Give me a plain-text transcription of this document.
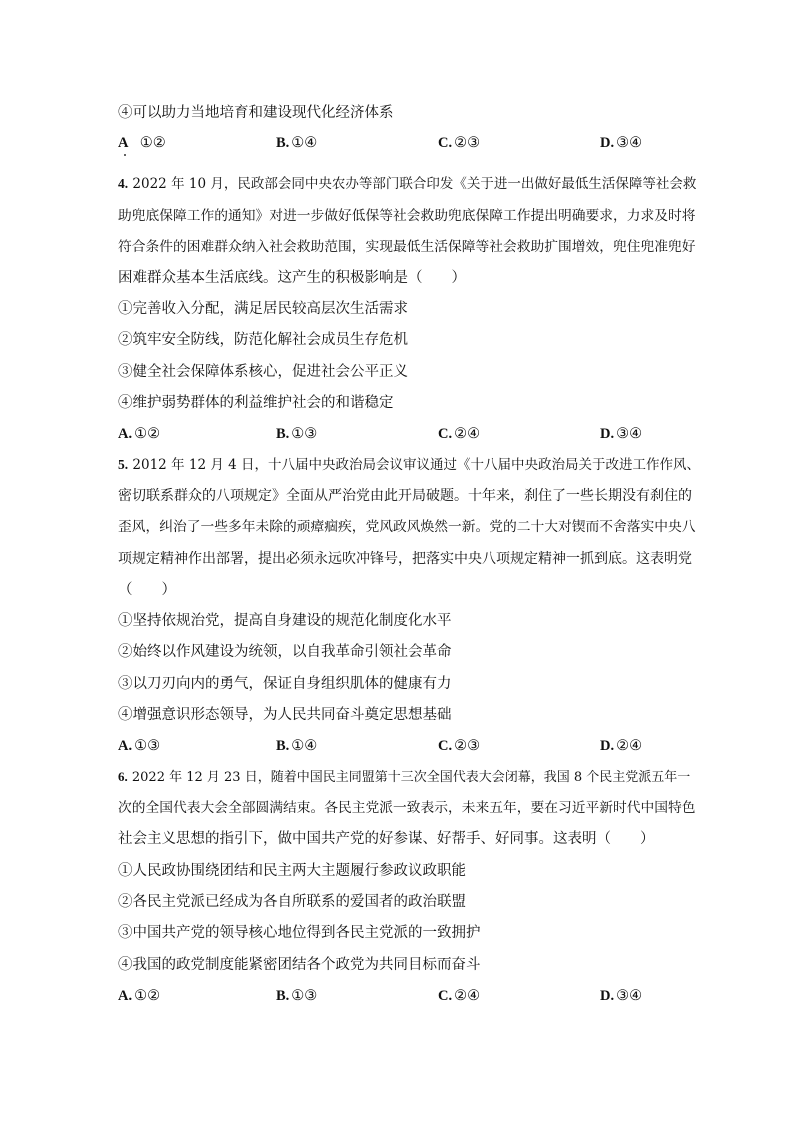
④可以助力当地培育和建设现代化经济体系
A ①②	B. ①④	C. ②③	D. ③④
4. 2022 年 10 月，民政部会同中央农办等部门联合印发《关于进一出做好最低生活保障等社会救
助兜底保障工作的通知》对进一步做好低保等社会救助兜底保障工作提出明确要求，力求及时将
符合条件的困难群众纳入社会救助范围，实现最低生活保障等社会救助扩围增效，兜住兜准兜好
困难群众基本生活底线。这产生的积极影响是（　　）
①完善收入分配，满足居民较高层次生活需求
②筑牢安全防线，防范化解社会成员生存危机
③健全社会保障体系核心，促进社会公平正义
④维护弱势群体的利益维护社会的和谐稳定
A. ①②	B. ①③	C. ②④	D. ③④
5. 2012 年 12 月 4 日，十八届中央政治局会议审议通过《十八届中央政治局关于改进工作作风、
密切联系群众的八项规定》全面从严治党由此开局破题。十年来，刹住了一些长期没有刹住的
歪风，纠治了一些多年未除的顽瘴痼疾，党风政风焕然一新。党的二十大对锲而不舍落实中央八
项规定精神作出部署，提出必须永远吹冲锋号，把落实中央八项规定精神一抓到底。这表明党
（　　）
①坚持依规治党，提高自身建设的规范化制度化水平
②始终以作风建设为统领，以自我革命引领社会革命
③以刀刃向内的勇气，保证自身组织肌体的健康有力
④增强意识形态领导，为人民共同奋斗奠定思想基础
A. ①③	B. ①④	C. ②③	D. ②④
6. 2022 年 12 月 23 日，随着中国民主同盟第十三次全国代表大会闭幕，我国 8 个民主党派五年一
次的全国代表大会全部圆满结束。各民主党派一致表示，未来五年，要在习近平新时代中国特色
社会主义思想的指引下，做中国共产党的好参谋、好帮手、好同事。这表明（　　）
①人民政协围绕团结和民主两大主题履行参政议政职能
②各民主党派已经成为各自所联系的爱国者的政治联盟
③中国共产党的领导核心地位得到各民主党派的一致拥护
④我国的政党制度能紧密团结各个政党为共同目标而奋斗
A. ①②	B. ①③	C. ②④	D. ③④
